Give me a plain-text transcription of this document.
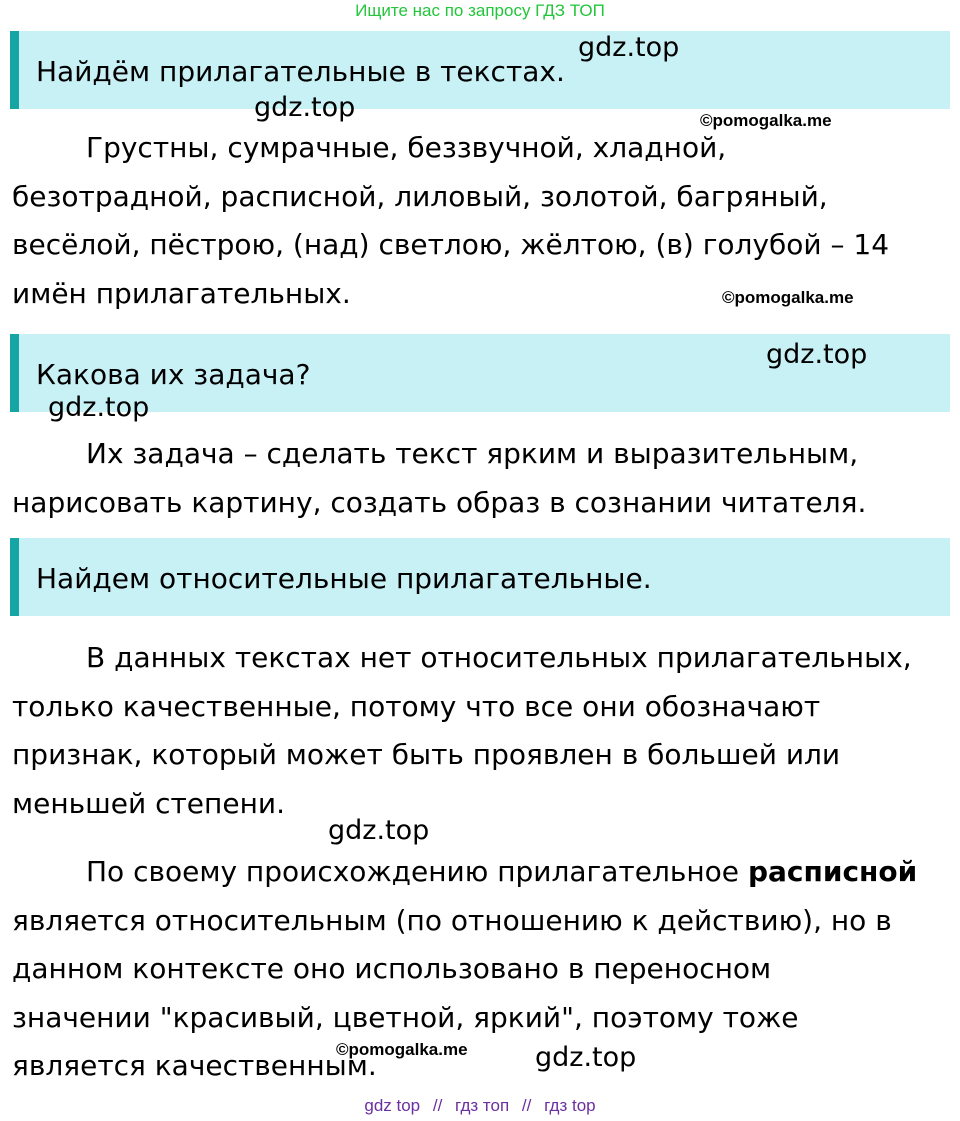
Ищите нас по запросу ГДЗ ТОП
Найдём прилагательные в текстах.

Грустны, сумрачные, беззвучной, хладной,
безотрадной, расписной, лиловый, золотой, багряный,
весёлой, пёстрою, (над) светлою, жёлтою, (в) голубой – 14
имён прилагательных.

Какова их задача?

Их задача – сделать текст ярким и выразительным,
нарисовать картину, создать образ в сознании читателя.

Найдем относительные прилагательные.

В данных текстах нет относительных прилагательных,
только качественные, потому что все они обозначают
признак, который может быть проявлен в большей или
меньшей степени.

По своему происхождению прилагательное расписной
является относительным (по отношению к действию), но в
данном контексте оно использовано в переносном
значении "красивый, цветной, яркий", поэтому тоже
является качественным.

gdz.top
gdz.top	©pomogalka.me
©pomogalka.me
gdz.top
gdz.top
gdz.top
©pomogalka.me gdz.top
gdz top // гдз топ // гдз top
